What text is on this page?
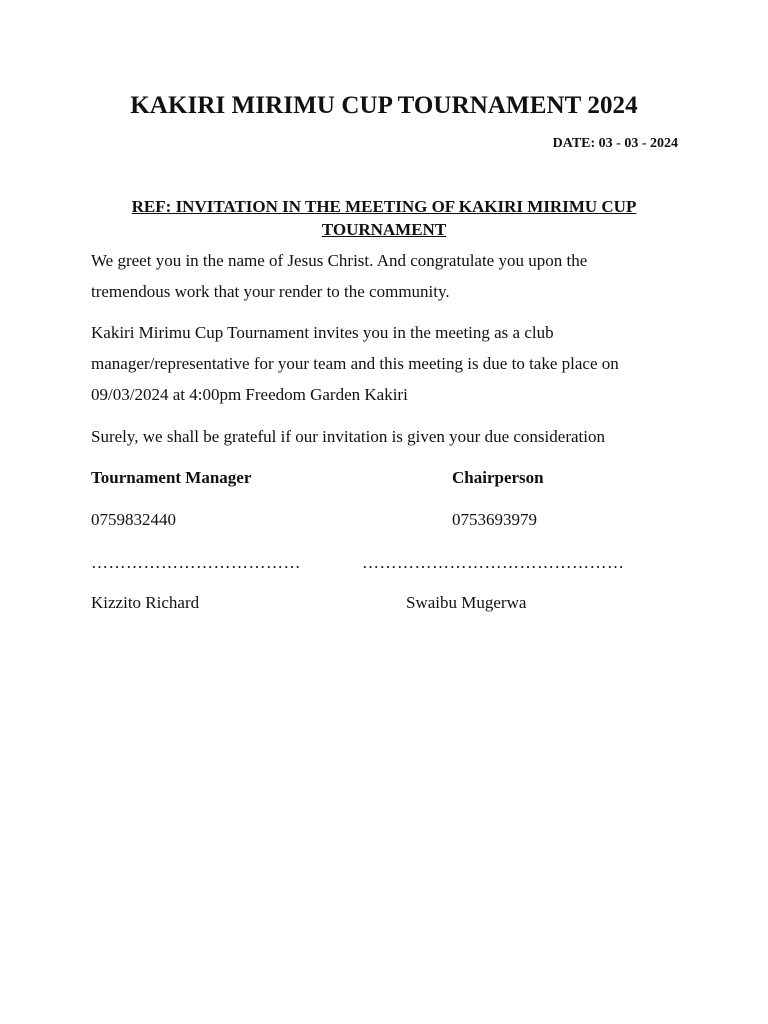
KAKIRI MIRIMU CUP TOURNAMENT 2024

DATE: 03 - 03 - 2024

REF: INVITATION IN THE MEETING OF KAKIRI MIRIMU CUP TOURNAMENT

We greet you in the name of Jesus Christ. And congratulate you upon the tremendous work that your render to the community.

Kakiri Mirimu Cup Tournament invites you in the meeting as a club manager/representative for your team and this meeting is due to take place on 09/03/2024 at 4:00pm Freedom Garden Kakiri

Surely, we shall be grateful if our invitation is given your due consideration

Tournament Manager	Chairperson

0759832440	0753693979

………………………………	………………………………………

Kizzito Richard	Swaibu Mugerwa
